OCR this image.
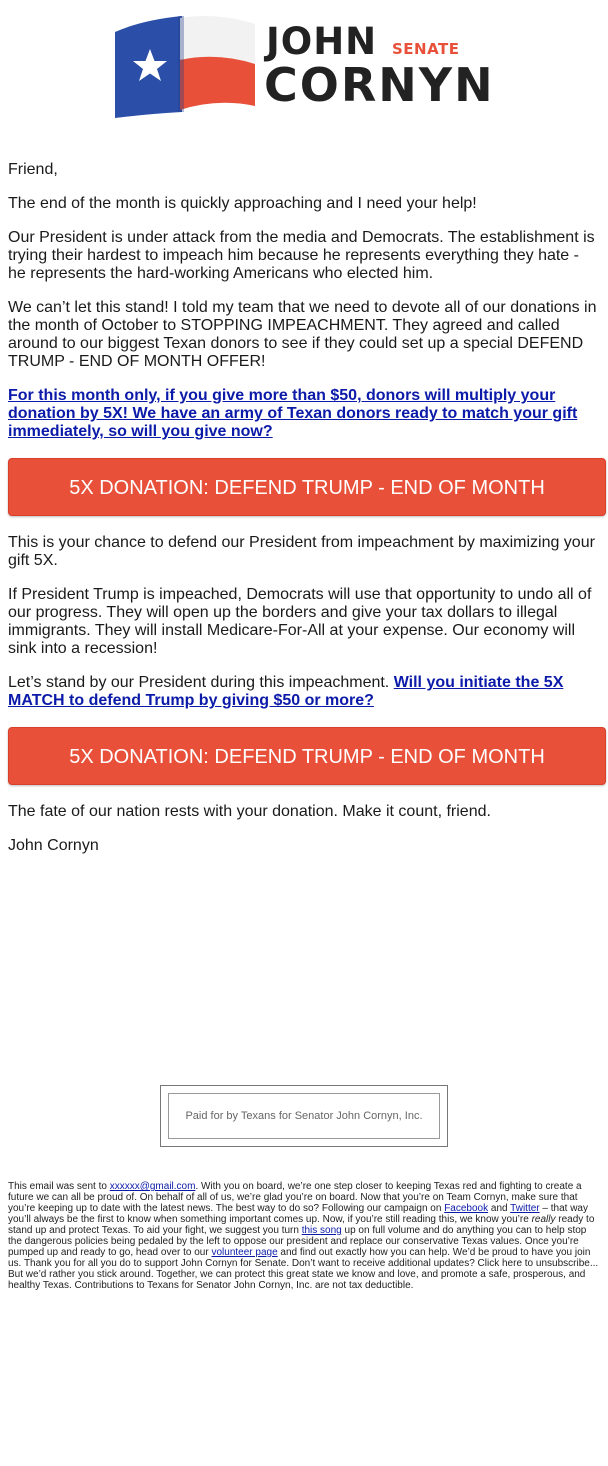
JOHN SENATE
CORNYN

Friend,

The end of the month is quickly approaching and I need your help!

Our President is under attack from the media and Democrats. The establishment is trying their hardest to impeach him because he represents everything they hate - he represents the hard-working Americans who elected him.

We can’t let this stand! I told my team that we need to devote all of our donations in the month of October to STOPPING IMPEACHMENT. They agreed and called around to our biggest Texan donors to see if they could set up a special DEFEND TRUMP - END OF MONTH OFFER!

For this month only, if you give more than $50, donors will multiply your donation by 5X! We have an army of Texan donors ready to match your gift immediately, so will you give now?

5X DONATION: DEFEND TRUMP - END OF MONTH

This is your chance to defend our President from impeachment by maximizing your gift 5X.

If President Trump is impeached, Democrats will use that opportunity to undo all of our progress. They will open up the borders and give your tax dollars to illegal immigrants. They will install Medicare-For-All at your expense. Our economy will sink into a recession!

Let’s stand by our President during this impeachment. Will you initiate the 5X MATCH to defend Trump by giving $50 or more?

5X DONATION: DEFEND TRUMP - END OF MONTH

The fate of our nation rests with your donation. Make it count, friend.

John Cornyn

Paid for by Texans for Senator John Cornyn, Inc.

This email was sent to xxxxxx@gmail.com. With you on board, we’re one step closer to keeping Texas red and fighting to create a future we can all be proud of. On behalf of all of us, we’re glad you’re on board. Now that you’re on Team Cornyn, make sure that you’re keeping up to date with the latest news. The best way to do so? Following our campaign on Facebook and Twitter – that way you’ll always be the first to know when something important comes up. Now, if you’re still reading this, we know you’re really ready to stand up and protect Texas. To aid your fight, we suggest you turn this song up on full volume and do anything you can to help stop the dangerous policies being pedaled by the left to oppose our president and replace our conservative Texas values. Once you’re pumped up and ready to go, head over to our volunteer page and find out exactly how you can help. We’d be proud to have you join us. Thank you for all you do to support John Cornyn for Senate. Don’t want to receive additional updates? Click here to unsubscribe... But we’d rather you stick around. Together, we can protect this great state we know and love, and promote a safe, prosperous, and healthy Texas. Contributions to Texans for Senator John Cornyn, Inc. are not tax deductible.
